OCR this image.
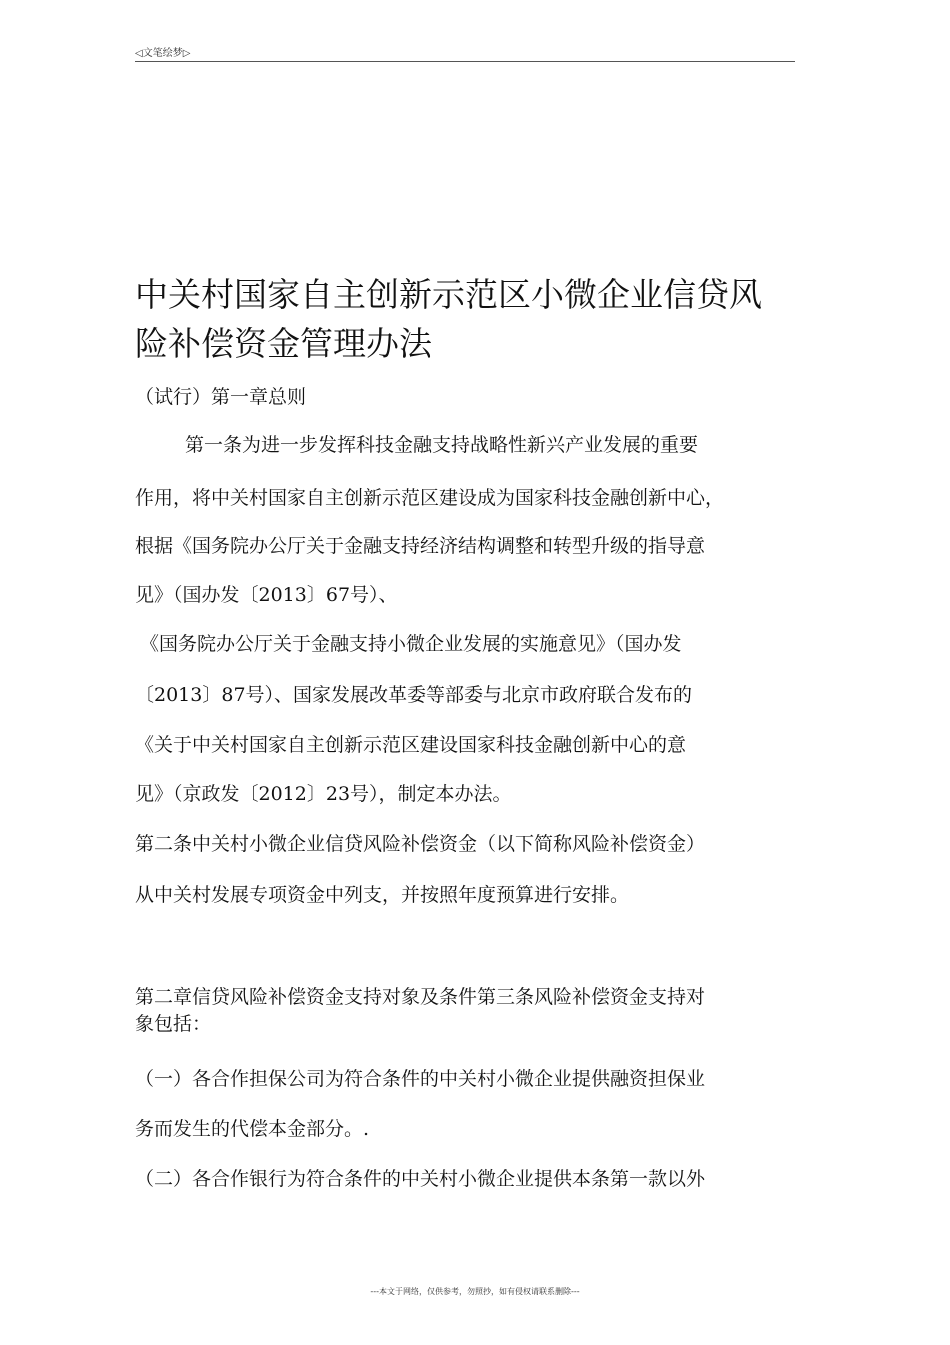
◁文笔绘梦▷
中关村国家自主创新示范区小微企业信贷风
险补偿资金管理办法
（试行）第一章总则
第一条为进一步发挥科技金融支持战略性新兴产业发展的重要
作用，将中关村国家自主创新示范区建设成为国家科技金融创新中心，
根据《国务院办公厅关于金融支持经济结构调整和转型升级的指导意
见》（国办发〔2013〕67号）、
《国务院办公厅关于金融支持小微企业发展的实施意见》（国办发
〔2013〕87号）、国家发展改革委等部委与北京市政府联合发布的
《关于中关村国家自主创新示范区建设国家科技金融创新中心的意
见》（京政发〔2012〕23号），制定本办法。
第二条中关村小微企业信贷风险补偿资金（以下简称风险补偿资金）
从中关村发展专项资金中列支，并按照年度预算进行安排。
第二章信贷风险补偿资金支持对象及条件第三条风险补偿资金支持对
象包括：
（一）各合作担保公司为符合条件的中关村小微企业提供融资担保业
务而发生的代偿本金部分。.
（二）各合作银行为符合条件的中关村小微企业提供本条第一款以外
---本文于网络，仅供参考，勿照抄，如有侵权请联系删除---
